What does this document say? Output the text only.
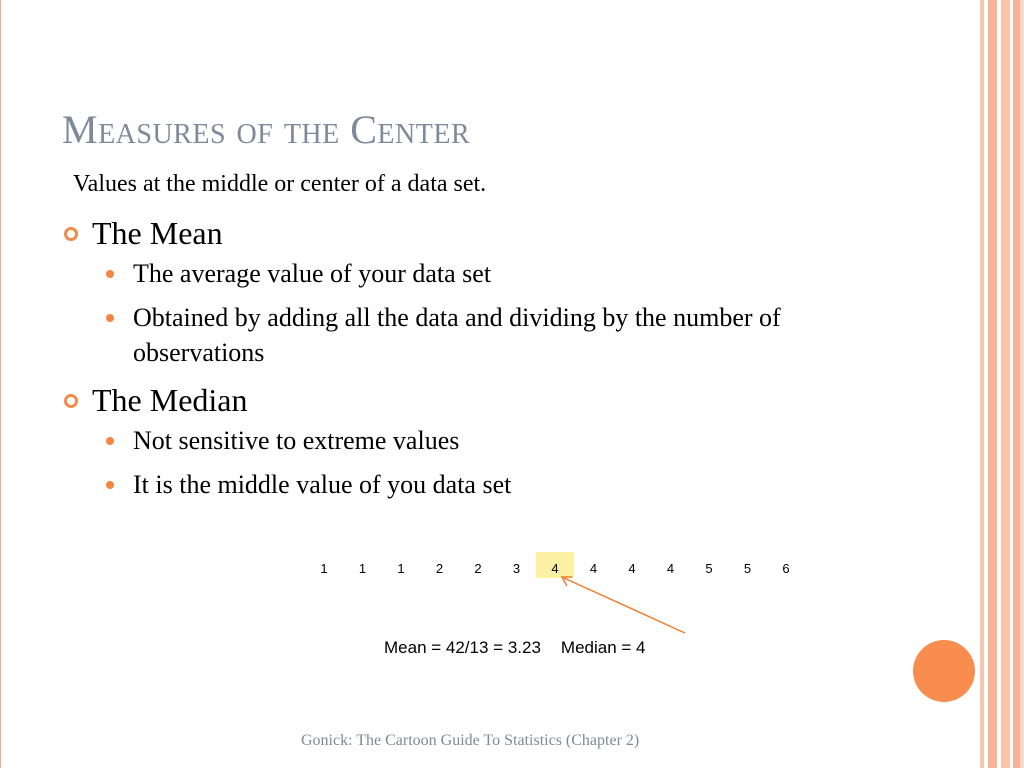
Measures of the Center
Values at the middle or center of a data set.
The Mean
The average value of your data set
Obtained by adding all the data and dividing by the number of observations
The Median
Not sensitive to extreme values
It is the middle value of you data set
1	1	1	2	2	3	4	4	4	4	5	5	6
Mean = 42/13 = 3.23 Median = 4
Gonick: The Cartoon Guide To Statistics (Chapter 2)
